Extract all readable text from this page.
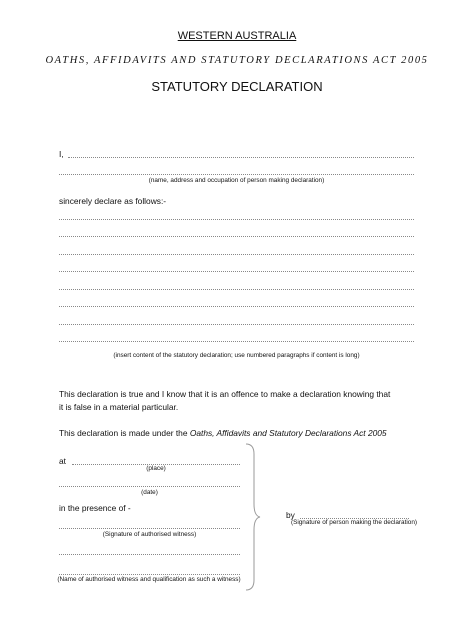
WESTERN AUSTRALIA
OATHS, AFFIDAVITS AND STATUTORY DECLARATIONS ACT 2005
STATUTORY DECLARATION
I,
(name, address and occupation of person making declaration)
sincerely declare as follows:-
(insert content of the statutory declaration; use numbered paragraphs if content is long)
This declaration is true and I know that it is an offence to make a declaration knowing that
it is false in a material particular.
This declaration is made under the Oaths, Affidavits and Statutory Declarations Act 2005
at
(place)
(date)
in the presence of -
(Signature of authorised witness)
(Name of authorised witness and qualification as such a witness)
by
(Signature of person making the declaration)
